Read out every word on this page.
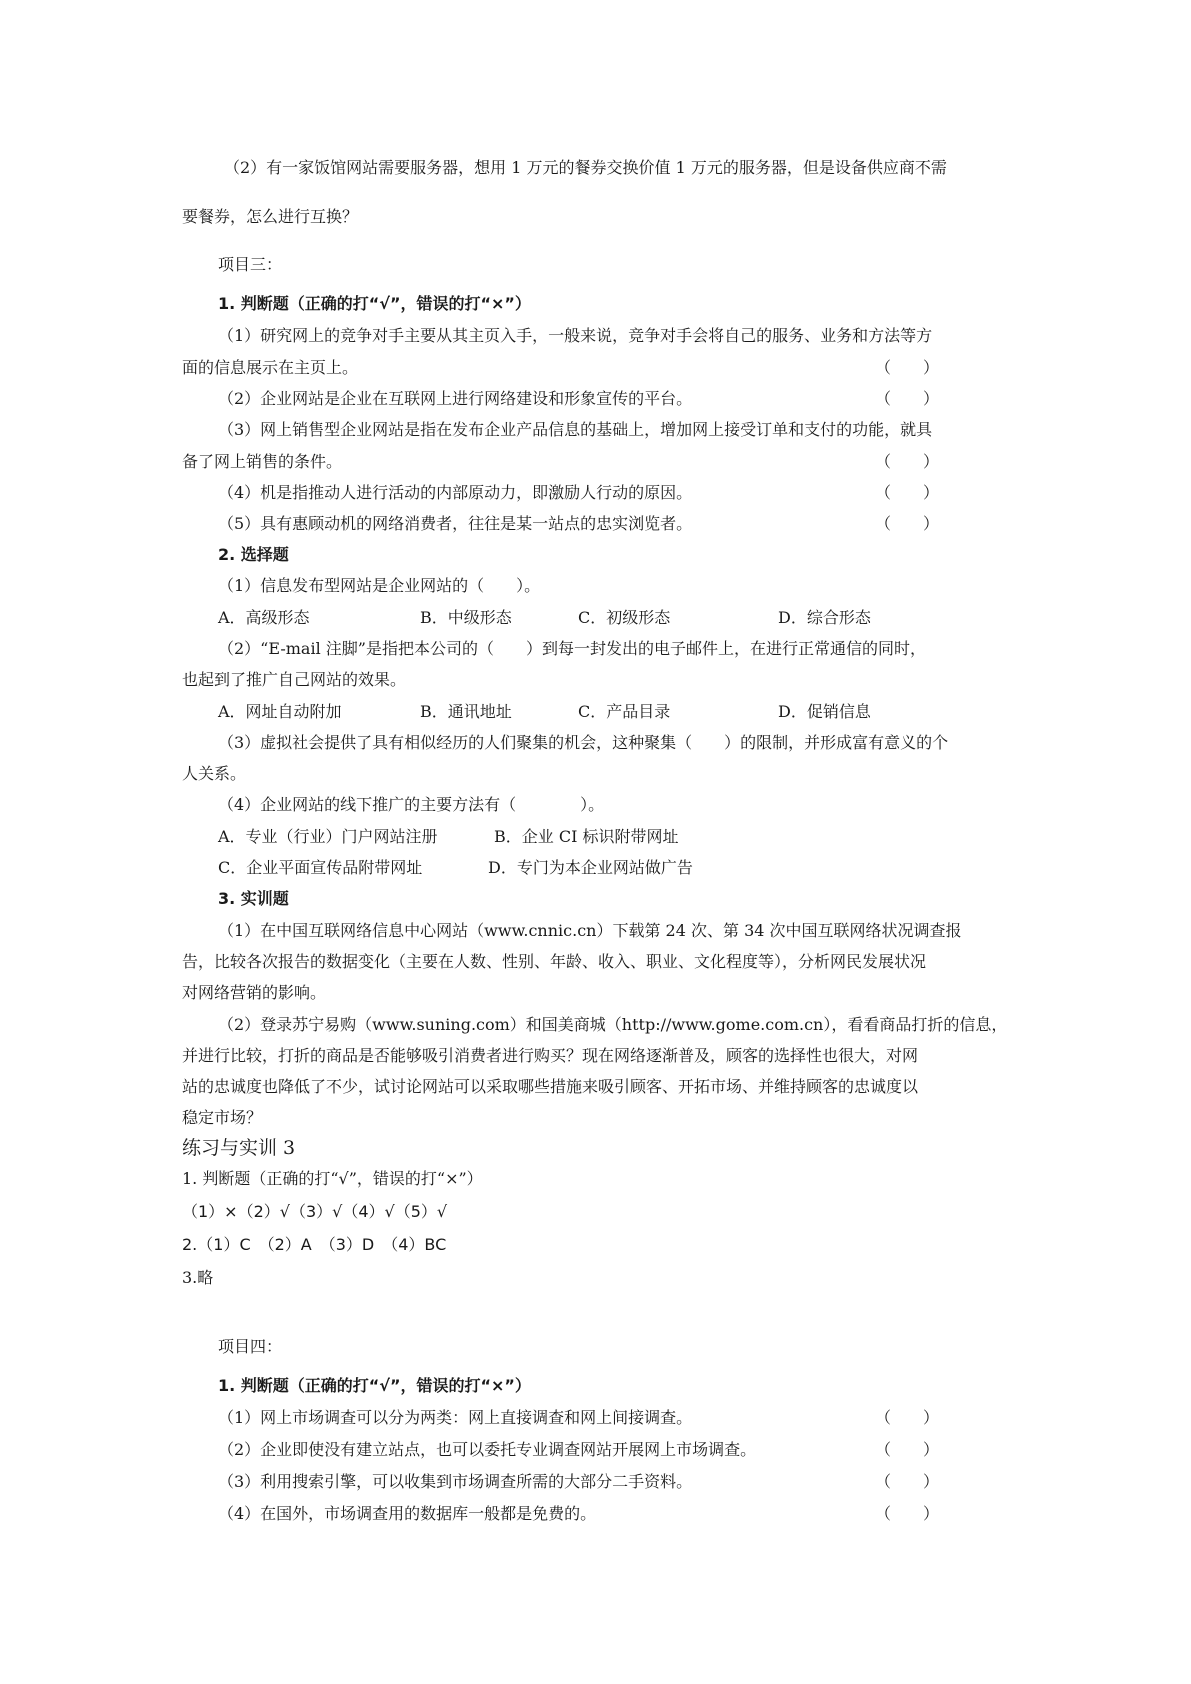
（2）有一家饭馆网站需要服务器，想用 1 万元的餐券交换价值 1 万元的服务器，但是设备供应商不需
要餐券，怎么进行互换？
项目三：
1. 判断题（正确的打“√”，错误的打“×”）
（1）研究网上的竞争对手主要从其主页入手，一般来说，竞争对手会将自己的服务、业务和方法等方
面的信息展示在主页上。	（　　）
（2）企业网站是企业在互联网上进行网络建设和形象宣传的平台。	（　　）
（3）网上销售型企业网站是指在发布企业产品信息的基础上，增加网上接受订单和支付的功能，就具
备了网上销售的条件。	（　　）
（4）机是指推动人进行活动的内部原动力，即激励人行动的原因。	（　　）
（5）具有惠顾动机的网络消费者，往往是某一站点的忠实浏览者。	（　　）
2. 选择题
（1）信息发布型网站是企业网站的（　　）。
A．高级形态	B．中级形态	C．初级形态	D．综合形态
（2）“E-mail 注脚”是指把本公司的（　　）到每一封发出的电子邮件上，在进行正常通信的同时，
也起到了推广自己网站的效果。
A．网址自动附加	B．通讯地址	C．产品目录	D．促销信息
（3）虚拟社会提供了具有相似经历的人们聚集的机会，这种聚集（　　）的限制，并形成富有意义的个
人关系。
（4）企业网站的线下推广的主要方法有（　　　　）。
A．专业（行业）门户网站注册	B．企业 CI 标识附带网址
C．企业平面宣传品附带网址	D．专门为本企业网站做广告
3. 实训题
（1）在中国互联网络信息中心网站（www.cnnic.cn）下载第 24 次、第 34 次中国互联网络状况调查报
告，比较各次报告的数据变化（主要在人数、性别、年龄、收入、职业、文化程度等），分析网民发展状况
对网络营销的影响。
（2）登录苏宁易购（www.suning.com）和国美商城（http://www.gome.com.cn），看看商品打折的信息，
并进行比较，打折的商品是否能够吸引消费者进行购买？现在网络逐渐普及，顾客的选择性也很大，对网
站的忠诚度也降低了不少，试讨论网站可以采取哪些措施来吸引顾客、开拓市场、并维持顾客的忠诚度以
稳定市场？
练习与实训 3
1. 判断题（正确的打“√”，错误的打“×”）
（1）×（2）√（3）√（4）√（5）√
2.（1）C　（2）A　（3）D　（4）BC
3.略
项目四：
1. 判断题（正确的打“√”，错误的打“×”）
（1）网上市场调查可以分为两类：网上直接调查和网上间接调查。	（　　）
（2）企业即使没有建立站点，也可以委托专业调查网站开展网上市场调查。	（　　）
（3）利用搜索引擎，可以收集到市场调查所需的大部分二手资料。	（　　）
（4）在国外，市场调查用的数据库一般都是免费的。	（　　）
